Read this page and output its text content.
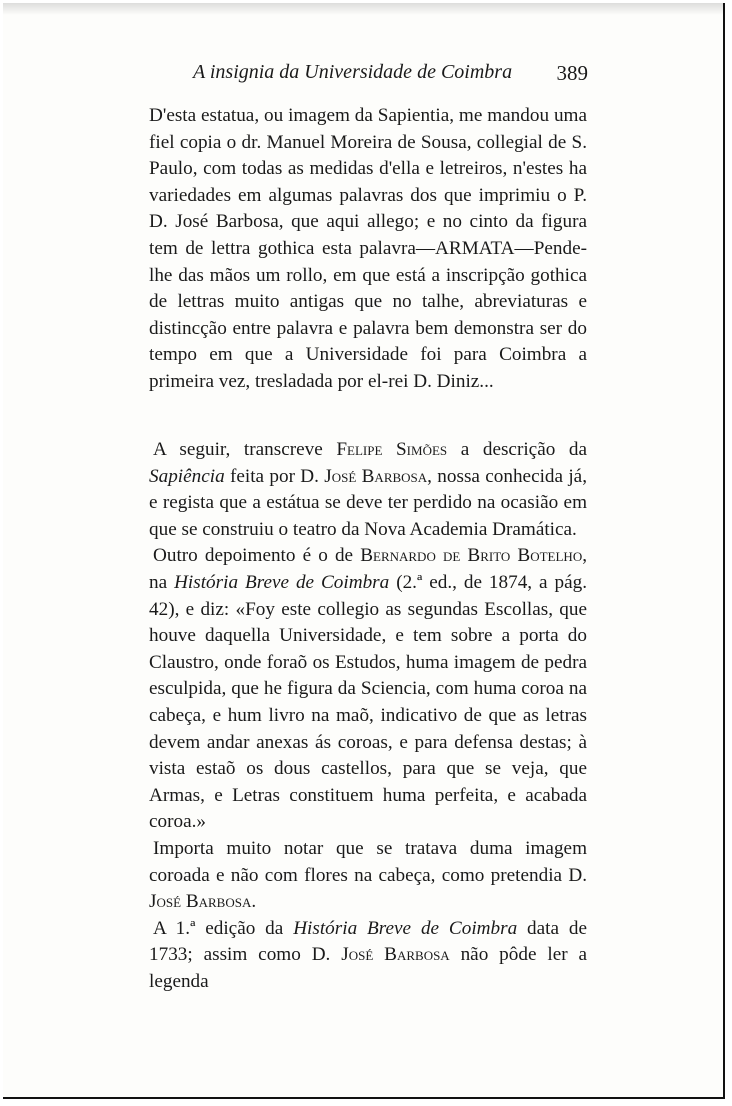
A insignia da Universidade de Coimbra 389

D'esta estatua, ou imagem da Sapientia, me mandou uma fiel copia o dr. Manuel Moreira de Sousa, collegial de S. Paulo, com todas as medidas d'ella e letreiros, n'estes ha variedades em algumas palavras dos que imprimiu o P. D. José Barbosa, que aqui allego; e no cinto da figura tem de lettra gothica esta palavra—ARMATA—Pende-lhe das mãos um rollo, em que está a inscripção gothica de lettras muito antigas que no talhe, abreviaturas e distincção entre palavra e palavra bem demonstra ser do tempo em que a Universidade foi para Coimbra a primeira vez, tresladada por el-rei D. Diniz...

A seguir, transcreve Felipe Simões a descrição da Sapiência feita por D. José Barbosa, nossa conhecida já, e regista que a estátua se deve ter perdido na ocasião em que se construiu o teatro da Nova Academia Dramática.

Outro depoimento é o de Bernardo de Brito Botelho, na História Breve de Coimbra (2.ª ed., de 1874, a pág. 42), e diz: «Foy este collegio as segundas Escollas, que houve daquella Universidade, e tem sobre a porta do Claustro, onde foraõ os Estudos, huma imagem de pedra esculpida, que he figura da Sciencia, com huma coroa na cabeça, e hum livro na maõ, indicativo de que as letras devem andar anexas ás coroas, e para defensa destas; à vista estaõ os dous castellos, para que se veja, que Armas, e Letras constituem huma perfeita, e acabada coroa.»

Importa muito notar que se tratava duma imagem coroada e não com flores na cabeça, como pretendia D. José Barbosa.

A 1.ª edição da História Breve de Coimbra data de 1733; assim como D. José Barbosa não pôde ler a legenda
